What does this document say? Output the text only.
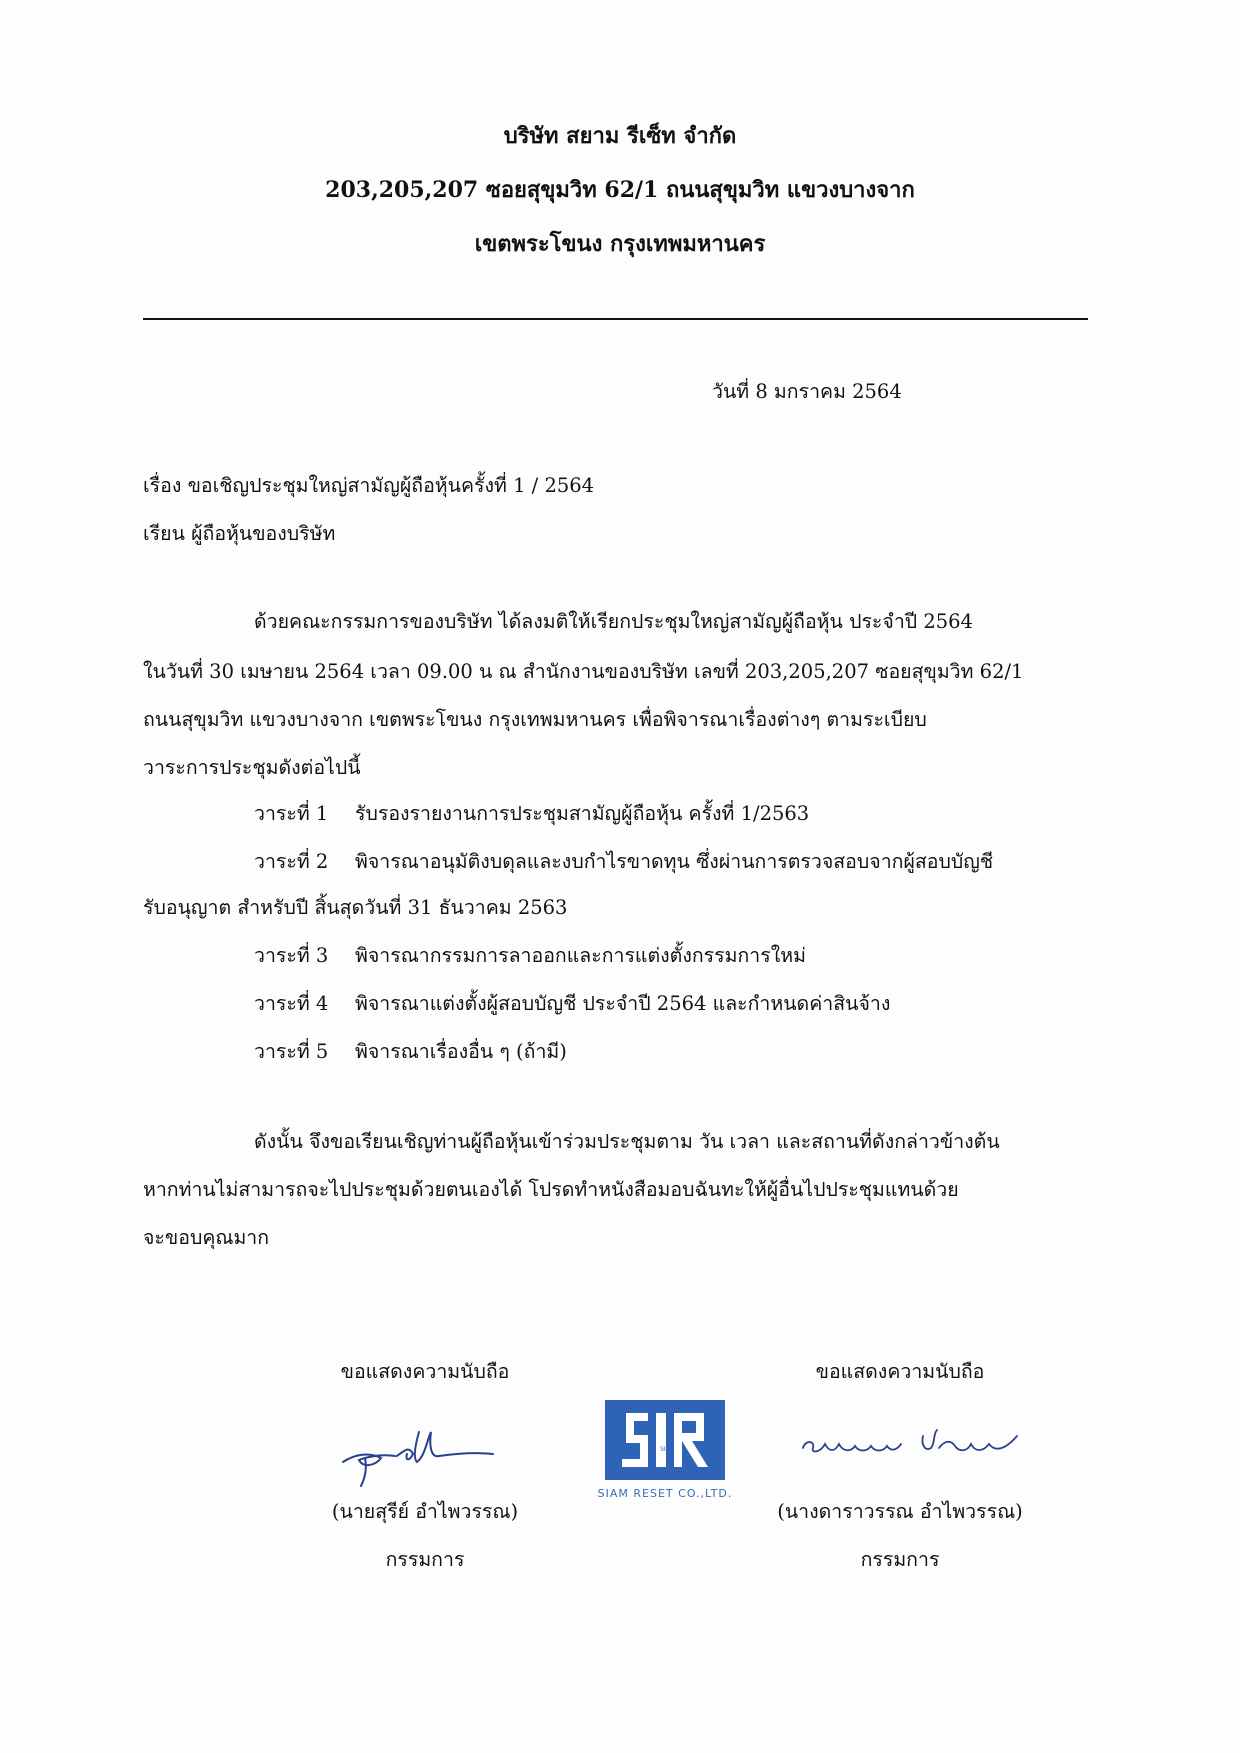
บริษัท สยาม รีเซ็ท จำกัด
203,205,207 ซอยสุขุมวิท 62/1 ถนนสุขุมวิท แขวงบางจาก
เขตพระโขนง กรุงเทพมหานคร
วันที่ 8 มกราคม 2564
เรื่อง ขอเชิญประชุมใหญ่สามัญผู้ถือหุ้นครั้งที่ 1 / 2564
เรียน ผู้ถือหุ้นของบริษัท
ด้วยคณะกรรมการของบริษัท ได้ลงมติให้เรียกประชุมใหญ่สามัญผู้ถือหุ้น ประจำปี 2564
ในวันที่ 30 เมษายน 2564 เวลา 09.00 น ณ สำนักงานของบริษัท เลขที่ 203,205,207 ซอยสุขุมวิท 62/1
ถนนสุขุมวิท แขวงบางจาก เขตพระโขนง กรุงเทพมหานคร เพื่อพิจารณาเรื่องต่างๆ ตามระเบียบ
วาระการประชุมดังต่อไปนี้
วาระที่ 1 รับรองรายงานการประชุมสามัญผู้ถือหุ้น ครั้งที่ 1/2563
วาระที่ 2 พิจารณาอนุมัติงบดุลและงบกำไรขาดทุน ซึ่งผ่านการตรวจสอบจากผู้สอบบัญชี
รับอนุญาต สำหรับปี สิ้นสุดวันที่ 31 ธันวาคม 2563
วาระที่ 3 พิจารณากรรมการลาออกและการแต่งตั้งกรรมการใหม่
วาระที่ 4 พิจารณาแต่งตั้งผู้สอบบัญชี ประจำปี 2564 และกำหนดค่าสินจ้าง
วาระที่ 5 พิจารณาเรื่องอื่น ๆ (ถ้ามี)
ดังนั้น จึงขอเรียนเชิญท่านผู้ถือหุ้นเข้าร่วมประชุมตาม วัน เวลา และสถานที่ดังกล่าวข้างต้น
หากท่านไม่สามารถจะไปประชุมด้วยตนเองได้ โปรดทำหนังสือมอบฉันทะให้ผู้อื่นไปประชุมแทนด้วย
จะขอบคุณมาก
ขอแสดงความนับถือ
(นายสุรีย์ อำไพวรรณ)
กรรมการ
SIR
SIAM RESET CO.,LTD.
ขอแสดงความนับถือ
(นางดาราวรรณ อำไพวรรณ)
กรรมการ
